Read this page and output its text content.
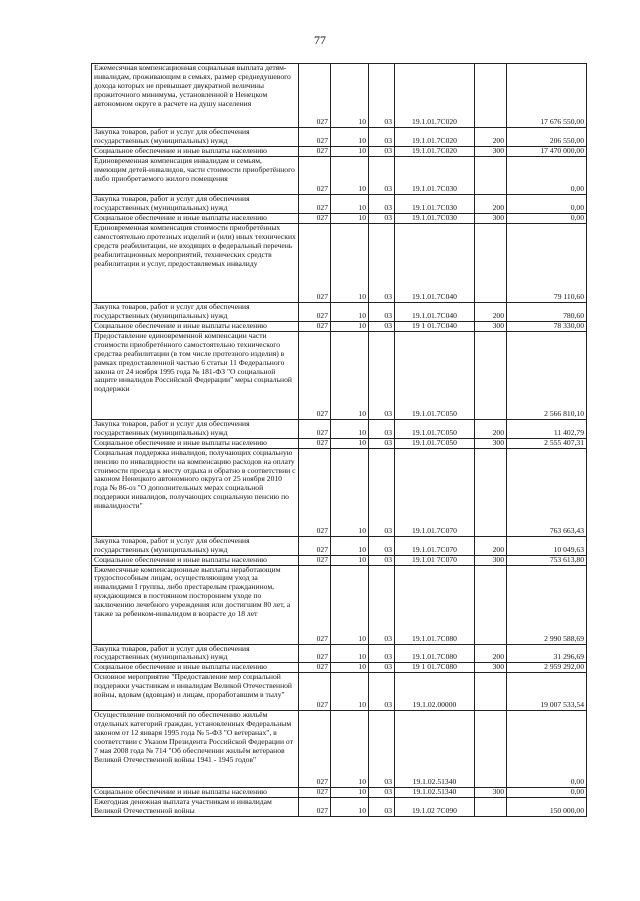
77
Ежемесячная компенсационная социальная выплата детям-инвалидам, проживающим в семьях, размер среднедушевого дохода которых не превышает двукратной величины прожиточного минимума, установленной в Ненецком автономном округе в расчете на душу населения	027	10	03	19.1.01.7С020		17 676 550,00
Закупка товаров, работ и услуг для обеспечения государственных (муниципальных) нужд	027	10	03	19.1.01.7С020	200	206 550,00
Социальное обеспечение и иные выплаты населению	027	10	03	19.1.01.7С020	300	17 470 000,00
Единовременная компенсация инвалидам и семьям, имеющим детей-инвалидов, части стоимости приобретённого либо приобретаемого жилого помещения	027	10	03	19.1.01.7С030		0,00
Закупка товаров, работ и услуг для обеспечения государственных (муниципальных) нужд	027	10	03	19.1.01.7С030	200	0,00
Социальное обеспечение и иные выплаты населению	027	10	03	19.1.01.7С030	300	0,00
Единовременная компенсация стоимости приобретённых самостоятельно протезных изделий и (или) иных технических средств реабилитации, не входящих в федеральный перечень реабилитационных мероприятий, технических средств реабилитации и услуг, предоставляемых инвалиду	027	10	03	19.1.01.7С040		79 110,60
Закупка товаров, работ и услуг для обеспечения государственных (муниципальных) нужд	027	10	03	19.1.01.7С040	200	780,60
Социальное обеспечение и иные выплаты населению	027	10	03	19 1 01.7С040	300	78 330,00
Предоставление единовременной компенсации части стоимости приобретённого самостоятельно технического средства реабилитации (в том числе протезного изделия) в рамках предоставленной частью 6 статьи 11 Федерального закона от 24 ноября 1995 года № 181-ФЗ "О социальной защите инвалидов Российской Федерации" меры социальной поддержки	027	10	03	19.1.01.7С050		2 566 810,10
Закупка товаров, работ и услуг для обеспечения государственных (муниципальных) нужд	027	10	03	19.1.01.7С050	200	11 402,79
Социальное обеспечение и иные выплаты населению	027	10	03	19.1.01.7С050	300	2 555 407,31
Социальная поддержка инвалидов, получающих социальную пенсию по инвалидности на компенсацию расходов на оплату стоимости проезда к месту отдыха и обратно в соответствии с законом Ненецкого автономного округа от 25 ноября 2010 года № 86-оз "О дополнительных мерах социальной поддержки инвалидов, получающих социальную пенсию по инвалидности"	027	10	03	19.1.01.7С070		763 663,43
Закупка товаров, работ и услуг для обеспечения государственных (муниципальных) нужд	027	10	03	19.1.01.7С070	200	10 049,63
Социальное обеспечение и иные выплаты населению	027	10	03	19.1.01 7С070	300	753 613,80
Ежемесячные компенсационные выплаты неработающим трудоспособным лицам, осуществляющим уход за инвалидами I группы, либо престарелым гражданином, нуждающимся в постоянном постороннем уходе по заключению лечебного учреждения или достигшим 80 лет, а также за ребенком-инвалидом в возрасте до 18 лет	027	10	03	19.1.01.7С080		2 990 588,69
Закупка товаров, работ и услуг для обеспечения государственных (муниципальных) нужд	027	10	03	19.1.01.7С080	200	31 296,69
Социальное обеспечение и иные выплаты населению	027	10	03	19 1 01.7С080	300	2 959 292,00
Основное мероприятие "Предоставление мер социальной поддержки участникам и инвалидам Великой Отечественной войны, вдовам (вдовцам) и лицам, проработавшим в тылу"	027	10	03	19.1.02.00000		19 007 533,54
Осуществление полномочий по обеспечению жильём отдельных категорий граждан, установленных Федеральным законом от 12 января 1995 года № 5-ФЗ "О ветеранах", в соответствии с Указом Президента Российской Федерации от 7 мая 2008 года № 714 "Об обеспечении жильём ветеранов Великой Отечественной войны 1941 - 1945 годов"	027	10	03	19.1.02.51340		0,00
Социальное обеспечение и иные выплаты населению	027	10	03	19.1.02.51340	300	0,00
Ежегодная денежная выплата участникам и инвалидам Великой Отечественной войны	027	10	03	19.1.02 7С090		150 000,00
